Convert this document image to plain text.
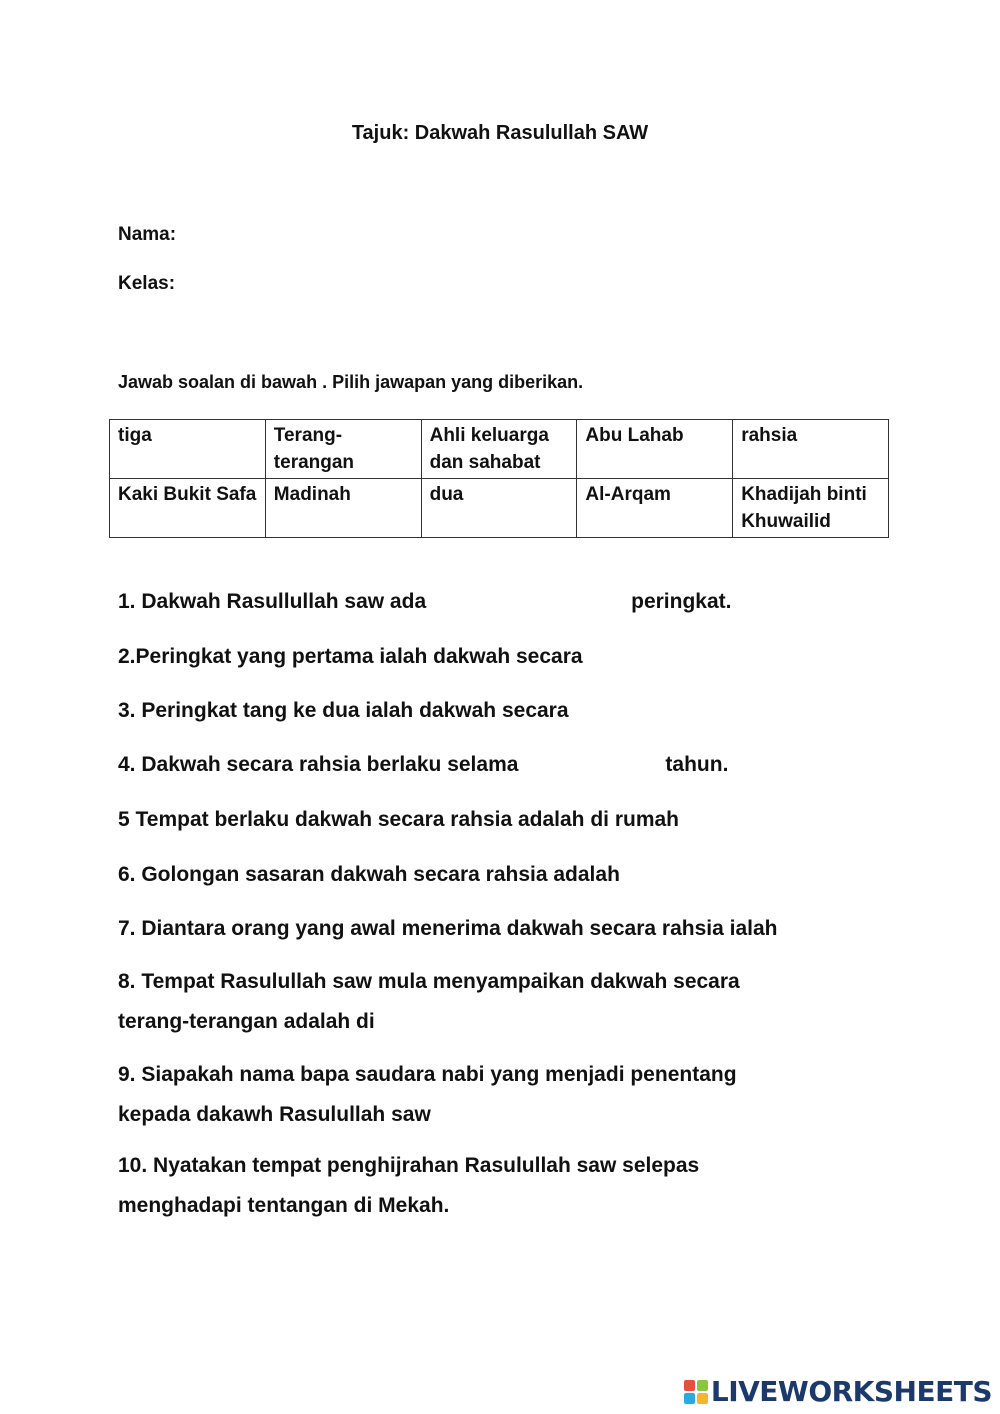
Tajuk: Dakwah Rasulullah SAW
Nama:
Kelas:
Jawab soalan di bawah . Pilih jawapan yang diberikan.
tiga	Terang-terangan	Ahli keluarga dan sahabat	Abu Lahab	rahsia
Kaki Bukit Safa	Madinah	dua	Al-Arqam	Khadijah binti Khuwailid
1. Dakwah Rasullullah saw ada	peringkat.
2.Peringkat yang pertama ialah dakwah secara
3. Peringkat tang ke dua ialah dakwah secara
4. Dakwah secara rahsia berlaku selama	tahun.
5 Tempat berlaku dakwah secara rahsia adalah di rumah
6. Golongan sasaran dakwah secara rahsia adalah
7. Diantara orang yang awal menerima dakwah secara rahsia ialah
8. Tempat Rasulullah saw mula menyampaikan dakwah secara
terang-terangan adalah di
9. Siapakah nama bapa saudara nabi yang menjadi penentang
kepada dakawh Rasulullah saw
10. Nyatakan tempat penghijrahan Rasulullah saw selepas
menghadapi tentangan di Mekah.
LIVEWORKSHEETS
